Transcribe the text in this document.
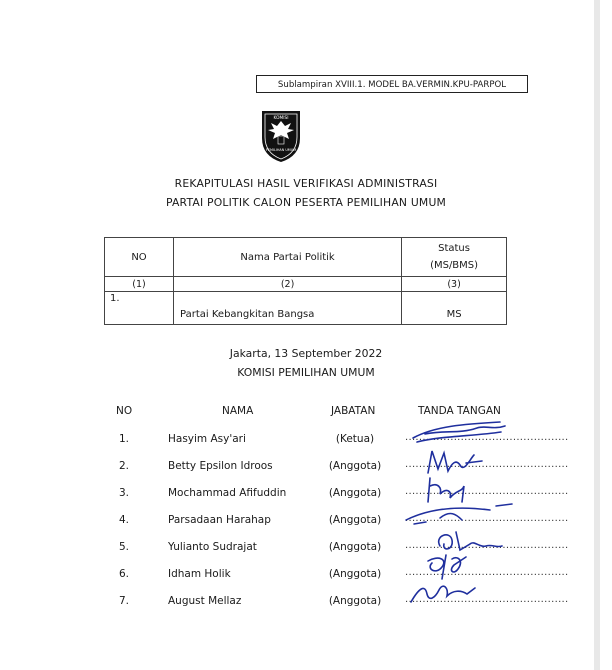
Sublampiran XVIII.1. MODEL BA.VERMIN.KPU-PARPOL
KOMISI
PEMILIHAN UMUM
REKAPITULASI HASIL VERIFIKASI ADMINISTRASI
PARTAI POLITIK CALON PESERTA PEMILIHAN UMUM
NO	Nama Partai Politik	Status
(MS/BMS)

(1)	(2)	(3)
1.	Partai Kebangkitan Bangsa	MS
Jakarta, 13 September 2022
KOMISI PEMILIHAN UMUM
NO	NAMA	JABATAN	TANDA TANGAN
1.	Hasyim Asy'ari	(Ketua)	...............................................
2.	Betty Epsilon Idroos	(Anggota)	...............................................
3.	Mochammad Afifuddin	(Anggota)	...............................................
4.	Parsadaan Harahap	(Anggota)	...............................................
5.	Yulianto Sudrajat	(Anggota)	...............................................
6.	Idham Holik	(Anggota)	...............................................
7.	August Mellaz	(Anggota)	...............................................
